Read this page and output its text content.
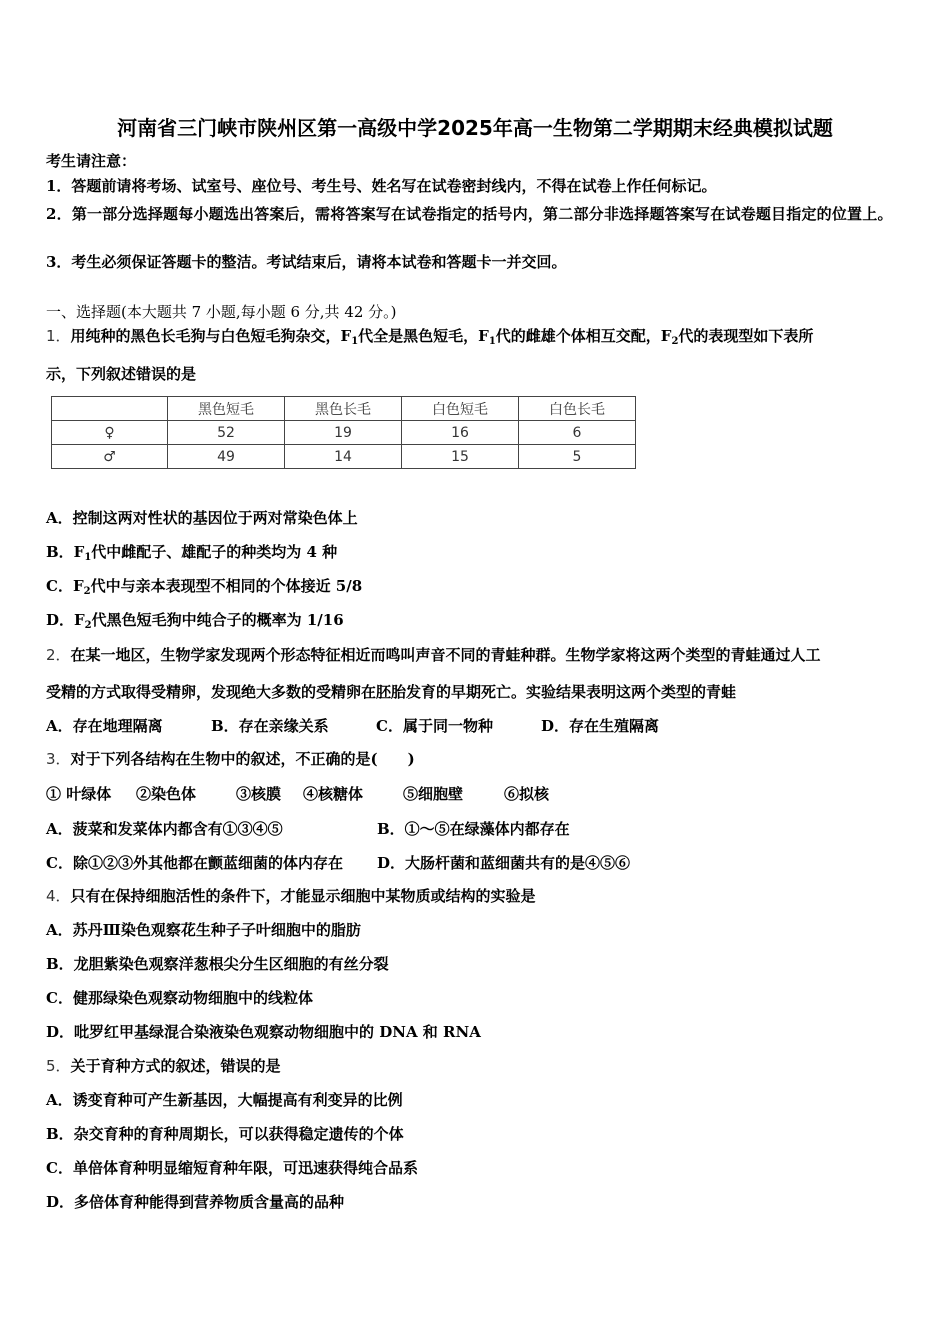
河南省三门峡市陕州区第一高级中学2025年高一生物第二学期期末经典模拟试题
考生请注意：
1．答题前请将考场、试室号、座位号、考生号、姓名写在试卷密封线内，不得在试卷上作任何标记。
2．第一部分选择题每小题选出答案后，需将答案写在试卷指定的括号内，第二部分非选择题答案写在试卷题目指定的位置上。
3．考生必须保证答题卡的整洁。考试结束后，请将本试卷和答题卡一并交回。
一、选择题(本大题共 7 小题,每小题 6 分,共 42 分。)
1．用纯种的黑色长毛狗与白色短毛狗杂交，$F_1$代全是黑色短毛，$F_1$代的雌雄个体相互交配，$F_2$代的表现型如下表所
示，下列叙述错误的是
	黑色短毛	黑色长毛	白色短毛	白色长毛
♀	52	19	16	6
♂	49	14	15	5
A．控制这两对性状的基因位于两对常染色体上
B．$F_1$代中雌配子、雄配子的种类均为 4 种
C．$F_2$代中与亲本表现型不相同的个体接近 5/8
D．$F_2$代黑色短毛狗中纯合子的概率为 1/16
2．在某一地区，生物学家发现两个形态特征相近而鸣叫声音不同的青蛙种群。生物学家将这两个类型的青蛙通过人工
受精的方式取得受精卵，发现绝大多数的受精卵在胚胎发育的早期死亡。实验结果表明这两个类型的青蛙
A．存在地理隔离	B．存在亲缘关系	C．属于同一物种	D．存在生殖隔离
3．对于下列各结构在生物中的叙述，不正确的是(　　)
① 叶绿体 ②染色体	③核膜 ④核糖体	⑤细胞壁	⑥拟核
A．菠菜和发菜体内都含有①③④⑤	B．①～⑤在绿藻体内都存在
C．除①②③外其他都在颤蓝细菌的体内存在 D．大肠杆菌和蓝细菌共有的是④⑤⑥
4．只有在保持细胞活性的条件下，才能显示细胞中某物质或结构的实验是
A．苏丹Ⅲ染色观察花生种子子叶细胞中的脂肪
B．龙胆紫染色观察洋葱根尖分生区细胞的有丝分裂
C．健那绿染色观察动物细胞中的线粒体
D．吡罗红甲基绿混合染液染色观察动物细胞中的 DNA 和 RNA
5．关于育种方式的叙述，错误的是
A．诱变育种可产生新基因，大幅提高有利变异的比例
B．杂交育种的育种周期长，可以获得稳定遗传的个体
C．单倍体育种明显缩短育种年限，可迅速获得纯合品系
D．多倍体育种能得到营养物质含量高的品种
